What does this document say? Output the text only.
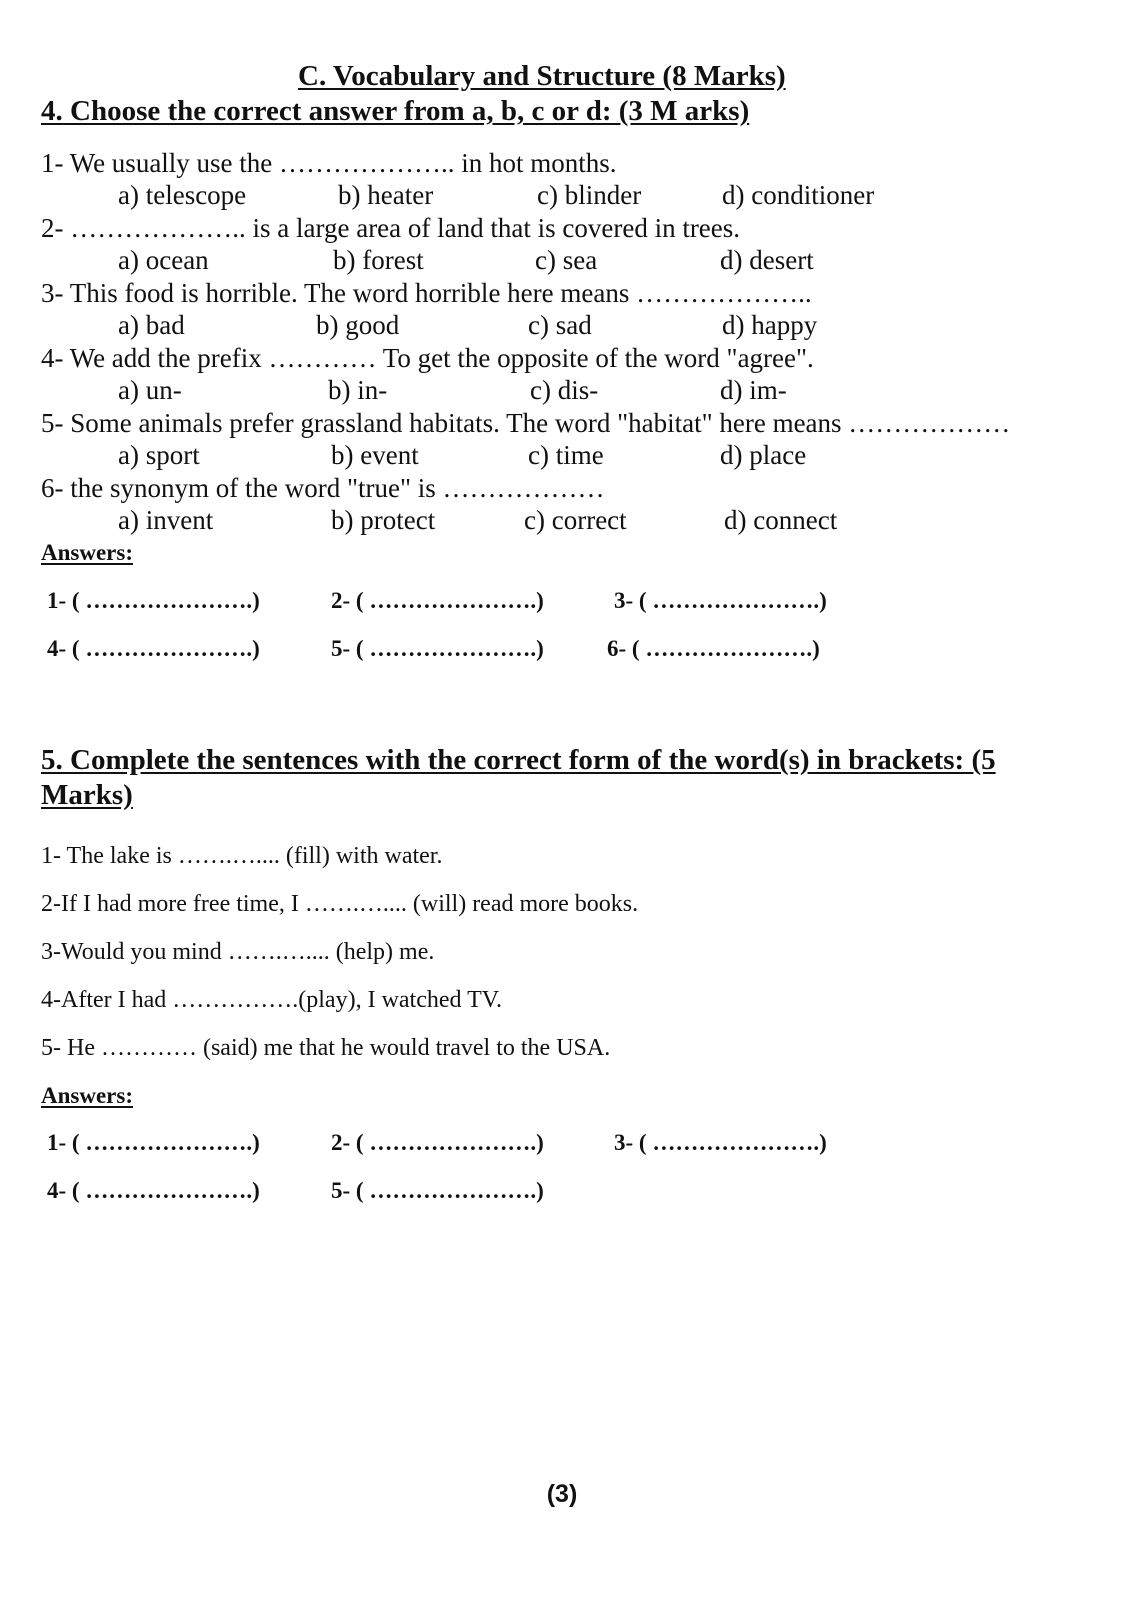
C. Vocabulary and Structure (8 Marks)
4. Choose the correct answer from a, b, c or d: (3 M arks)
1- We usually use the ……………….. in hot months.
a) telescope	b) heater	c) blinder	d) conditioner
2- ……………….. is a large area of land that is covered in trees.
a) ocean	b) forest	c) sea	d) desert
3- This food is horrible. The word horrible here means ………………..
a) bad	b) good	c) sad	d) happy
4- We add the prefix ………… To get the opposite of the word "agree".
a) un-	b) in-	c) dis-	d) im-
5- Some animals prefer grassland habitats. The word "habitat" here means ………………
a) sport	b) event	c) time	d) place
6- the synonym of the word "true" is ………………
a) invent	b) protect	c) correct	d) connect
Answers:
1- ( ………………….)	2- ( ………………….)	3- ( ………………….)
4- ( ………………….)	5- ( ………………….)	6- ( ………………….)
5. Complete the sentences with the correct form of the word(s) in brackets: (5
Marks)
1- The lake is …….….... (fill) with water.
2-If I had more free time, I …….….... (will) read more books.
3-Would you mind …….….... (help) me.
4-After I had …………….(play), I watched TV.
5- He ………… (said) me that he would travel to the USA.
Answers:
1- ( ………………….)	2- ( ………………….)	3- ( ………………….)
4- ( ………………….)	5- ( ………………….)
(3)
